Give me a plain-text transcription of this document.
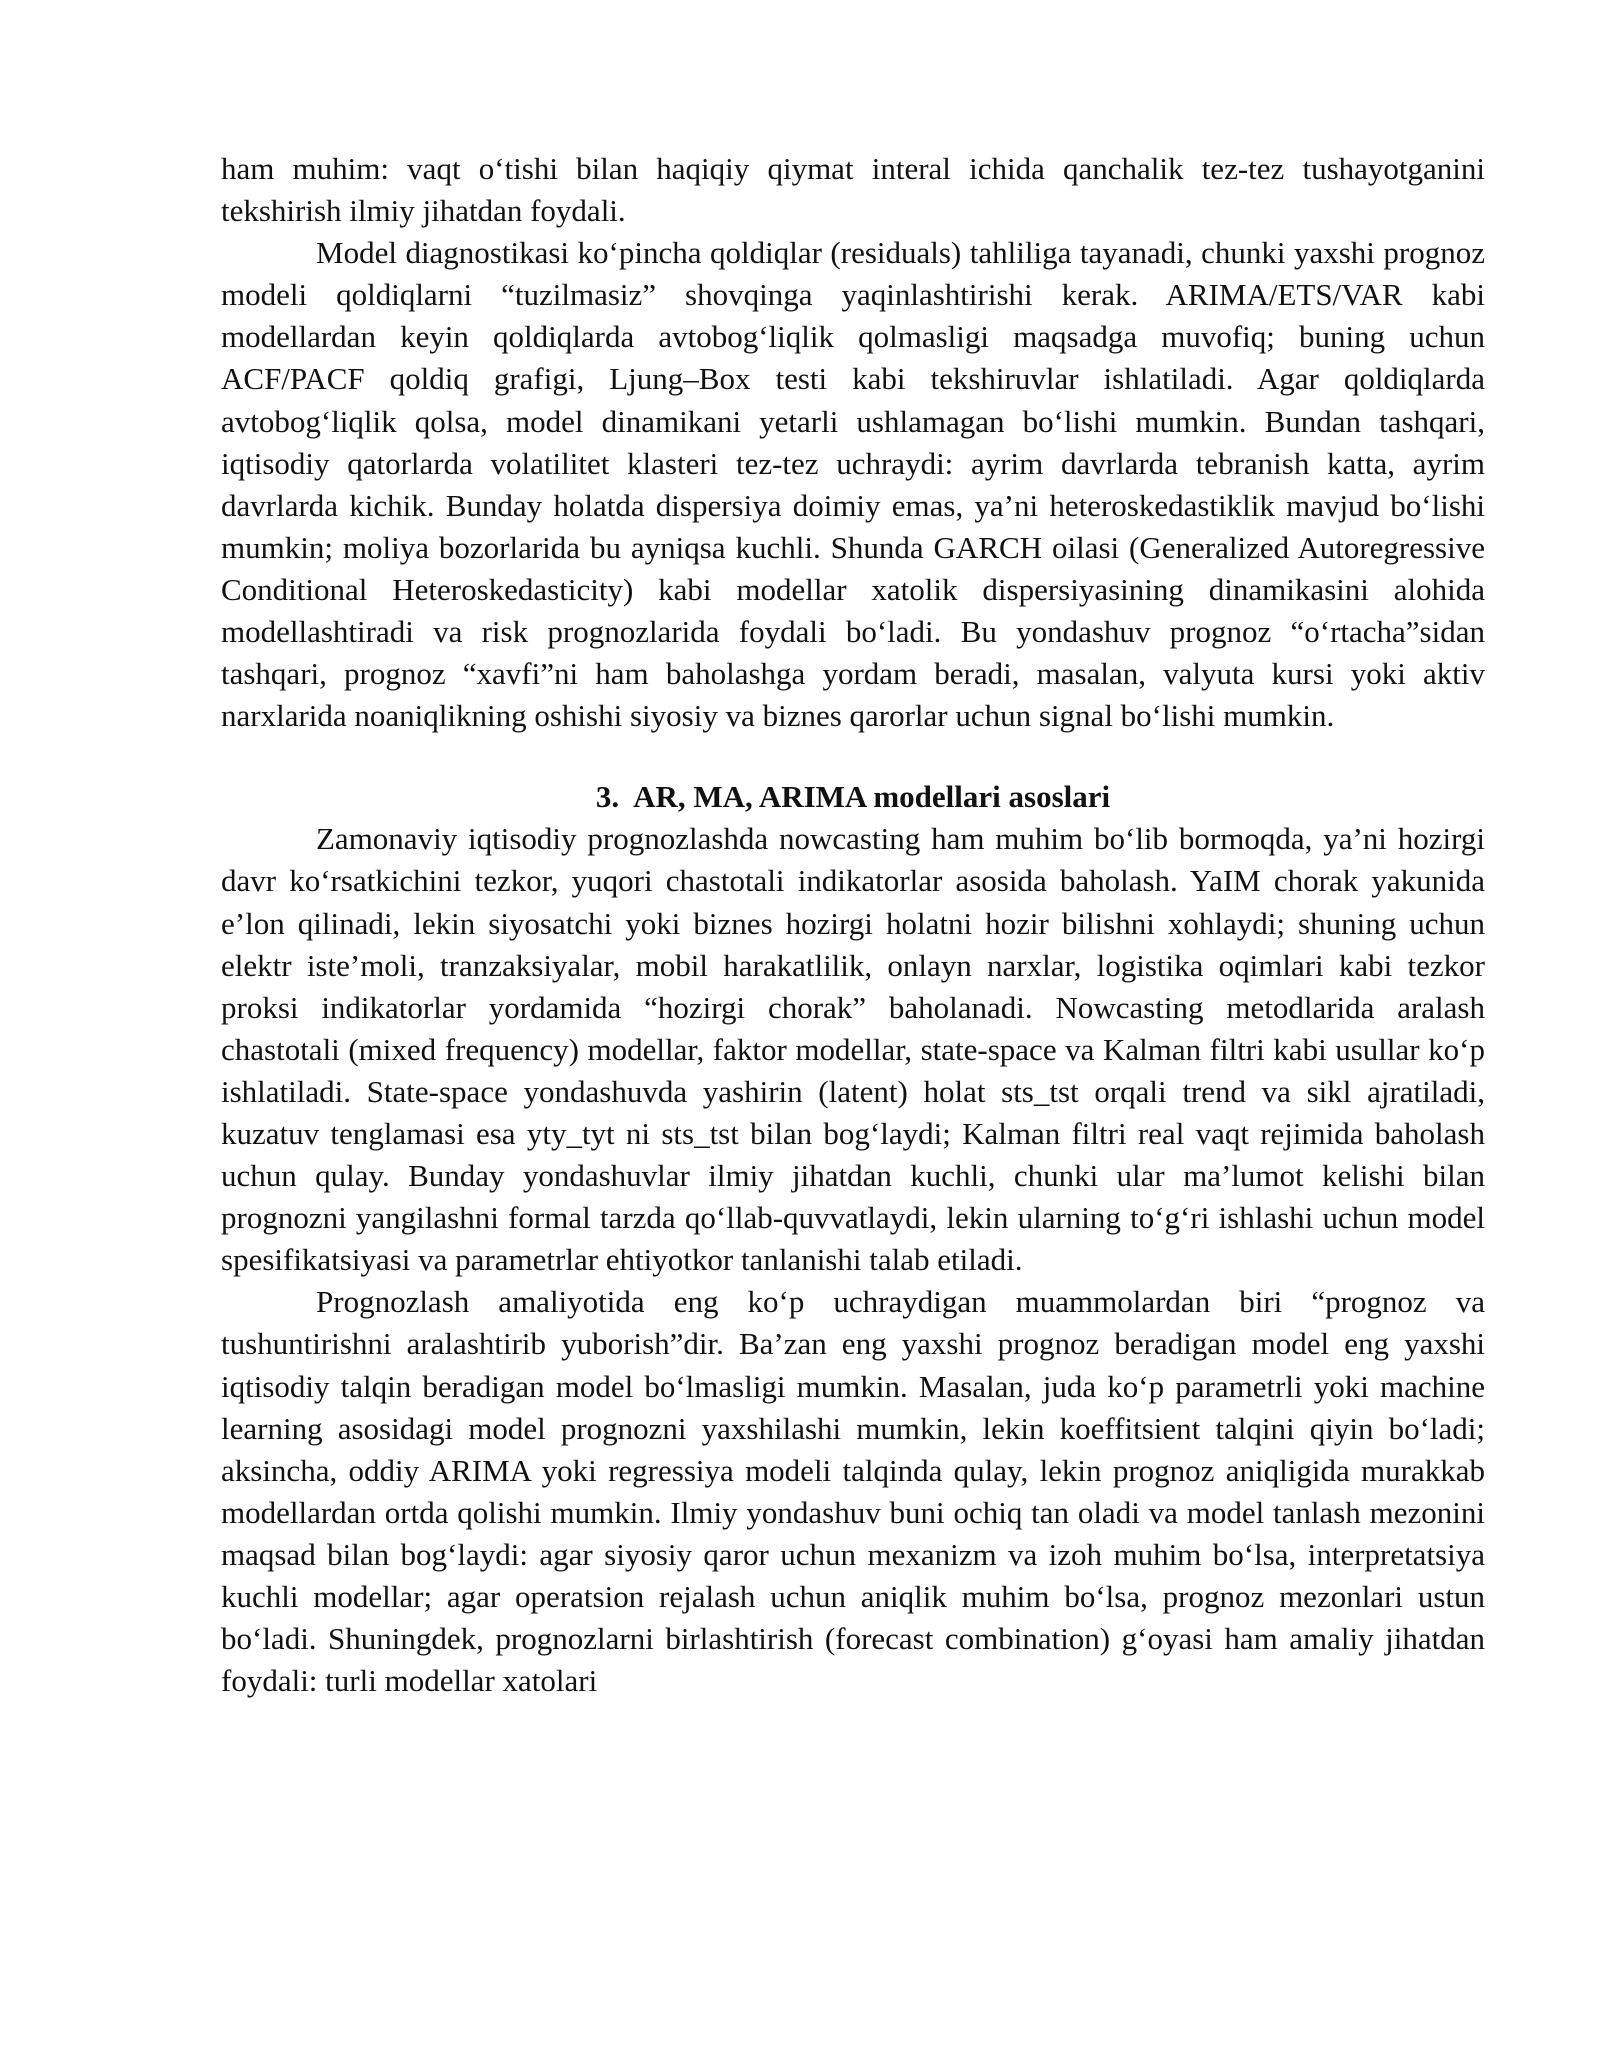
ham muhim: vaqt o‘tishi bilan haqiqiy qiymat interal ichida qanchalik tez-tez tushayotganini tekshirish ilmiy jihatdan foydali.

Model diagnostikasi ko‘pincha qoldiqlar (residuals) tahliliga tayanadi, chunki yaxshi prognoz modeli qoldiqlarni “tuzilmasiz” shovqinga yaqinlashtirishi kerak. ARIMA/ETS/VAR kabi modellardan keyin qoldiqlarda avtobog‘liqlik qolmasligi maqsadga muvofiq; buning uchun ACF/PACF qoldiq grafigi, Ljung–Box testi kabi tekshiruvlar ishlatiladi. Agar qoldiqlarda avtobog‘liqlik qolsa, model dinamikani yetarli ushlamagan bo‘lishi mumkin. Bundan tashqari, iqtisodiy qatorlarda volatilitet klasteri tez-tez uchraydi: ayrim davrlarda tebranish katta, ayrim davrlarda kichik. Bunday holatda dispersiya doimiy emas, ya’ni heteroskedastiklik mavjud bo‘lishi mumkin; moliya bozorlarida bu ayniqsa kuchli. Shunda GARCH oilasi (Generalized Autoregressive Conditional Heteroskedasticity) kabi modellar xatolik dispersiyasining dinamikasini alohida modellashtiradi va risk prognozlarida foydali bo‘ladi. Bu yondashuv prognoz “o‘rtacha”sidan tashqari, prognoz “xavfi”ni ham baholashga yordam beradi, masalan, valyuta kursi yoki aktiv narxlarida noaniqlikning oshishi siyosiy va biznes qarorlar uchun signal bo‘lishi mumkin.

3. AR, MA, ARIMA modellari asoslari

Zamonaviy iqtisodiy prognozlashda nowcasting ham muhim bo‘lib bormoqda, ya’ni hozirgi davr ko‘rsatkichini tezkor, yuqori chastotali indikatorlar asosida baholash. YaIM chorak yakunida e’lon qilinadi, lekin siyosatchi yoki biznes hozirgi holatni hozir bilishni xohlaydi; shuning uchun elektr iste’moli, tranzaksiyalar, mobil harakatlilik, onlayn narxlar, logistika oqimlari kabi tezkor proksi indikatorlar yordamida “hozirgi chorak” baholanadi. Nowcasting metodlarida aralash chastotali (mixed frequency) modellar, faktor modellar, state-space va Kalman filtri kabi usullar ko‘p ishlatiladi. State-space yondashuvda yashirin (latent) holat sts_tst orqali trend va sikl ajratiladi, kuzatuv tenglamasi esa yty_tyt ni sts_tst bilan bog‘laydi; Kalman filtri real vaqt rejimida baholash uchun qulay. Bunday yondashuvlar ilmiy jihatdan kuchli, chunki ular ma’lumot kelishi bilan prognozni yangilashni formal tarzda qo‘llab-quvvatlaydi, lekin ularning to‘g‘ri ishlashi uchun model spesifikatsiyasi va parametrlar ehtiyotkor tanlanishi talab etiladi.

Prognozlash amaliyotida eng ko‘p uchraydigan muammolardan biri “prognoz va tushuntirishni aralashtirib yuborish”dir. Ba’zan eng yaxshi prognoz beradigan model eng yaxshi iqtisodiy talqin beradigan model bo‘lmasligi mumkin. Masalan, juda ko‘p parametrli yoki machine learning asosidagi model prognozni yaxshilashi mumkin, lekin koeffitsient talqini qiyin bo‘ladi; aksincha, oddiy ARIMA yoki regressiya modeli talqinda qulay, lekin prognoz aniqligida murakkab modellardan ortda qolishi mumkin. Ilmiy yondashuv buni ochiq tan oladi va model tanlash mezonini maqsad bilan bog‘laydi: agar siyosiy qaror uchun mexanizm va izoh muhim bo‘lsa, interpretatsiya kuchli modellar; agar operatsion rejalash uchun aniqlik muhim bo‘lsa, prognoz mezonlari ustun bo‘ladi. Shuningdek, prognozlarni birlashtirish (forecast combination) g‘oyasi ham amaliy jihatdan foydali: turli modellar xatolari
